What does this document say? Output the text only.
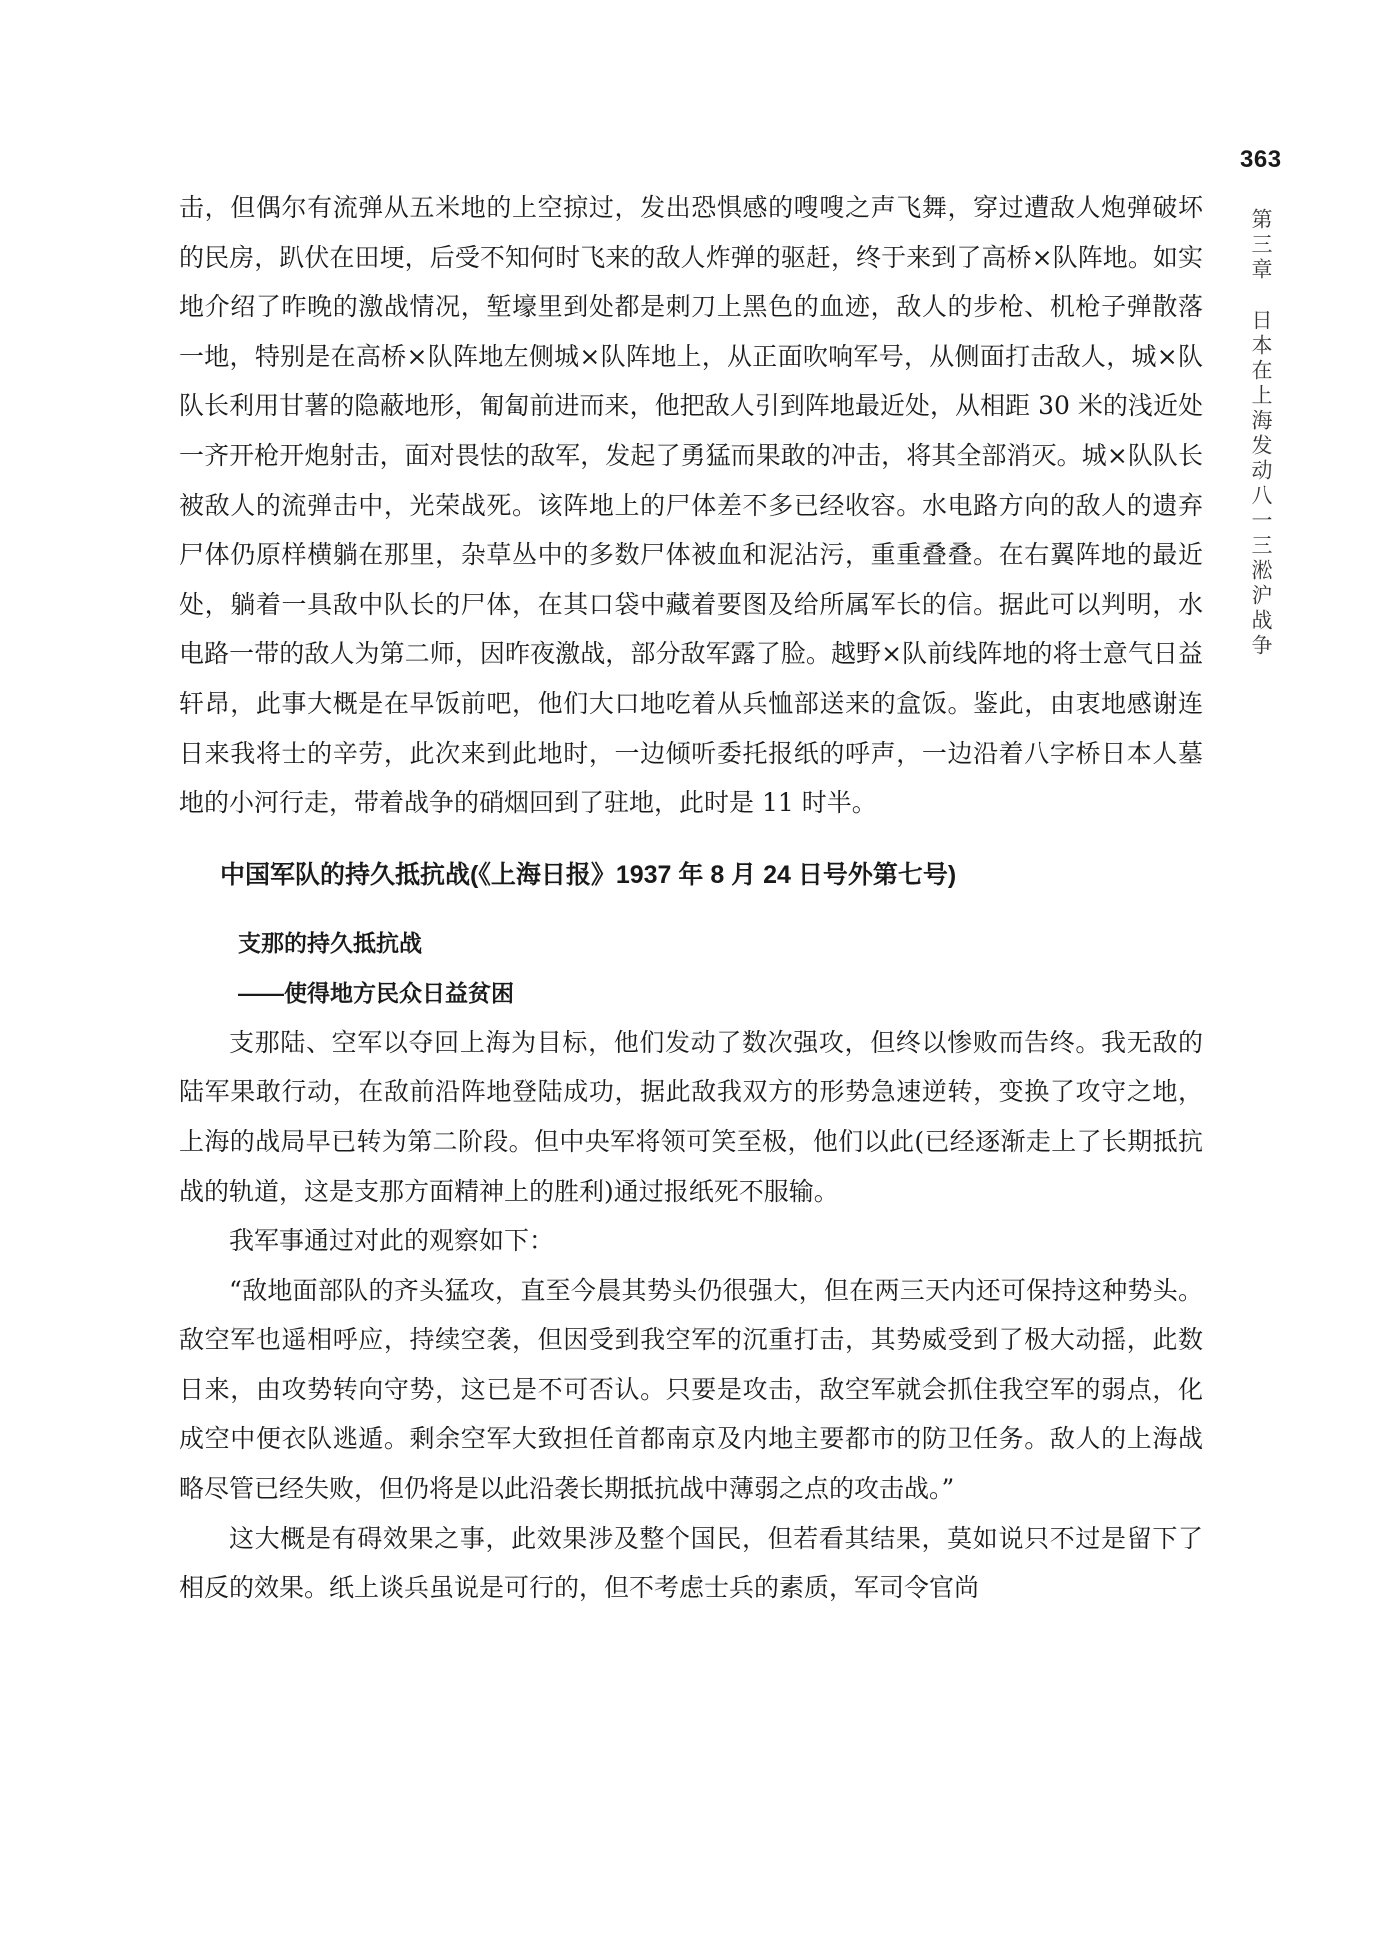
363
第三章日本在上海发动八一三淞沪战争

击，但偶尔有流弹从五米地的上空掠过，发出恐惧感的嗖嗖之声飞舞，穿过遭敌人炮弹破坏的民房，趴伏在田埂，后受不知何时飞来的敌人炸弹的驱赶，终于来到了高桥×队阵地。如实地介绍了昨晚的激战情况，堑壕里到处都是刺刀上黑色的血迹，敌人的步枪、机枪子弹散落一地，特别是在高桥×队阵地左侧城×队阵地上，从正面吹响军号，从侧面打击敌人，城×队队长利用甘薯的隐蔽地形，匍匐前进而来，他把敌人引到阵地最近处，从相距 30 米的浅近处一齐开枪开炮射击，面对畏怯的敌军，发起了勇猛而果敢的冲击，将其全部消灭。城×队队长被敌人的流弹击中，光荣战死。该阵地上的尸体差不多已经收容。水电路方向的敌人的遗弃尸体仍原样横躺在那里，杂草丛中的多数尸体被血和泥沾污，重重叠叠。在右翼阵地的最近处，躺着一具敌中队长的尸体，在其口袋中藏着要图及给所属军长的信。据此可以判明，水电路一带的敌人为第二师，因昨夜激战，部分敌军露了脸。越野×队前线阵地的将士意气日益轩昂，此事大概是在早饭前吧，他们大口地吃着从兵恤部送来的盒饭。鉴此，由衷地感谢连日来我将士的辛劳，此次来到此地时，一边倾听委托报纸的呼声，一边沿着八字桥日本人墓地的小河行走，带着战争的硝烟回到了驻地，此时是 11 时半。

中国军队的持久抵抗战(《上海日报》1937 年 8 月 24 日号外第七号)
支那的持久抵抗战
——使得地方民众日益贫困

支那陆、空军以夺回上海为目标，他们发动了数次强攻，但终以惨败而告终。我无敌的陆军果敢行动，在敌前沿阵地登陆成功，据此敌我双方的形势急速逆转，变换了攻守之地，上海的战局早已转为第二阶段。但中央军将领可笑至极，他们以此(已经逐渐走上了长期抵抗战的轨道，这是支那方面精神上的胜利)通过报纸死不服输。

我军事通过对此的观察如下：

“敌地面部队的齐头猛攻，直至今晨其势头仍很强大，但在两三天内还可保持这种势头。敌空军也遥相呼应，持续空袭，但因受到我空军的沉重打击，其势威受到了极大动摇，此数日来，由攻势转向守势，这已是不可否认。只要是攻击，敌空军就会抓住我空军的弱点，化成空中便衣队逃遁。剩余空军大致担任首都南京及内地主要都市的防卫任务。敌人的上海战略尽管已经失败，但仍将是以此沿袭长期抵抗战中薄弱之点的攻击战。”

这大概是有碍效果之事，此效果涉及整个国民，但若看其结果，莫如说只不过是留下了相反的效果。纸上谈兵虽说是可行的，但不考虑士兵的素质，军司令官尚
